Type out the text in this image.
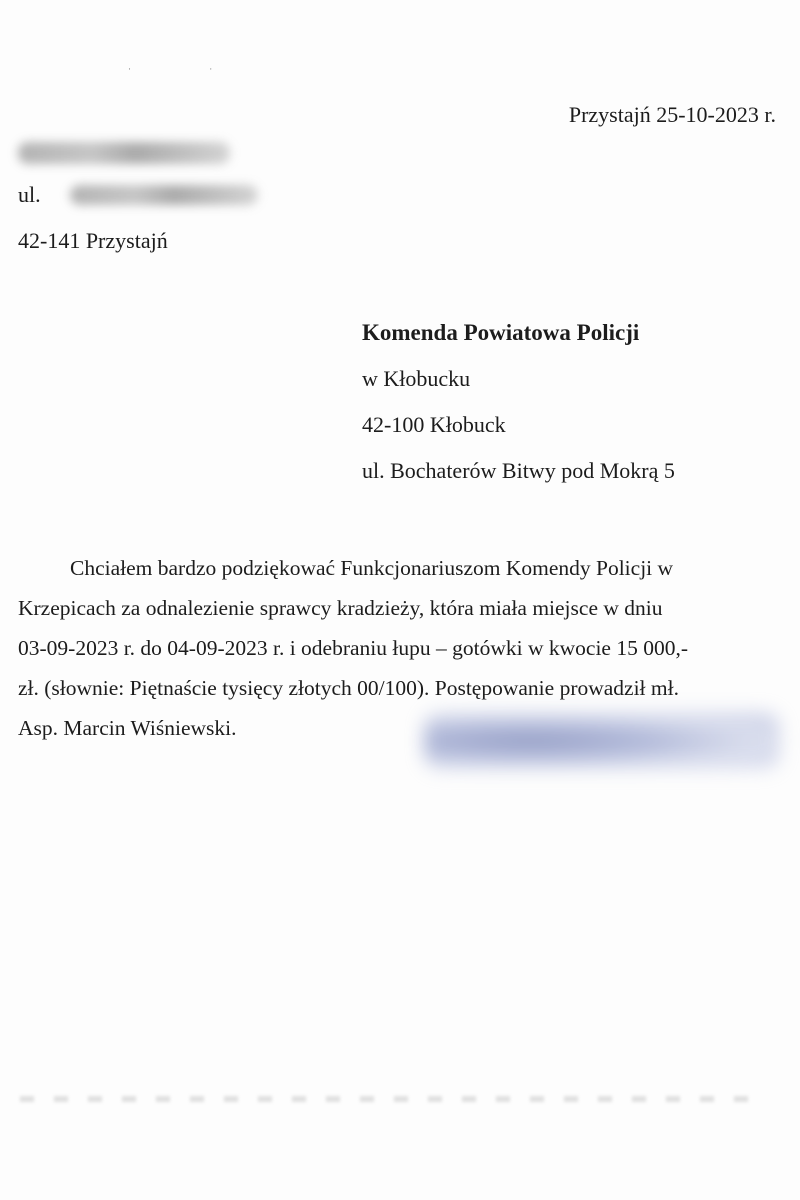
· ·
Przystajń 25-10-2023 r.
ul.
42-141 Przystajń
Komenda Powiatowa Policji
w Kłobucku
42-100 Kłobuck
ul. Bochaterów Bitwy pod Mokrą 5
Chciałem bardzo podziękować Funkcjonariuszom Komendy Policji w
Krzepicach za odnalezienie sprawcy kradzieży, która miała miejsce w dniu
03-09-2023 r. do 04-09-2023 r. i odebraniu łupu – gotówki w kwocie 15 000,-
zł. (słownie: Piętnaście tysięcy złotych 00/100). Postępowanie prowadził mł.
Asp. Marcin Wiśniewski.
